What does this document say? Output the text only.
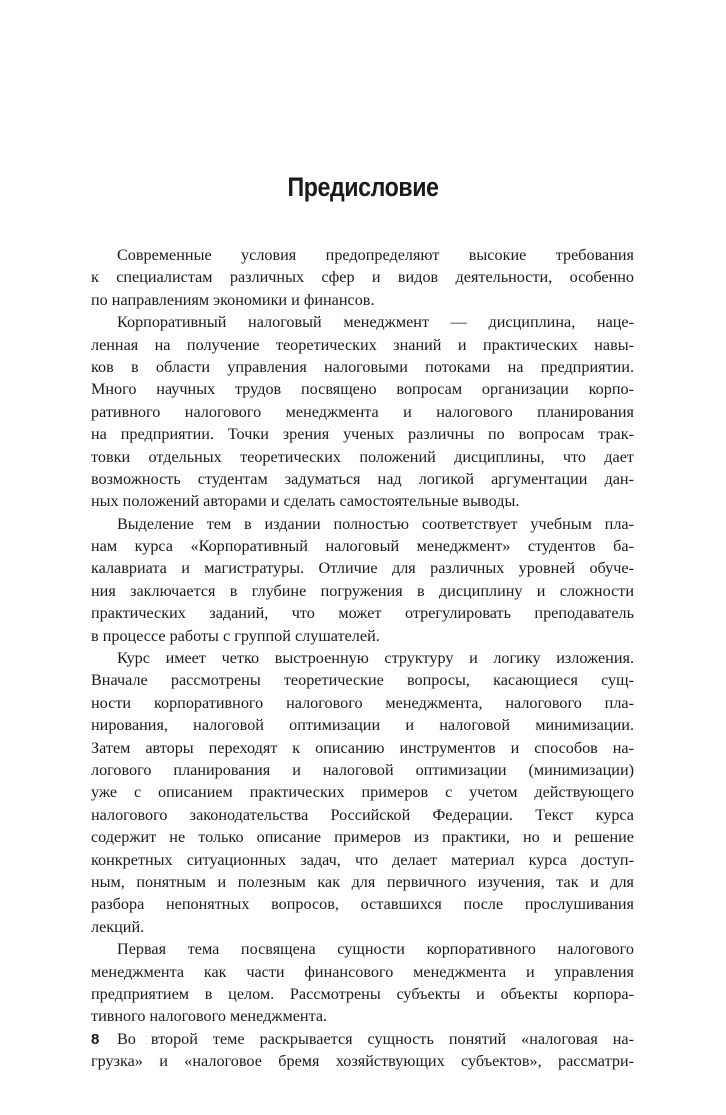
Предисловие
Современные условия предопределяют высокие требования
к специалистам различных сфер и видов деятельности, особенно
по направлениям экономики и финансов.
Корпоративный налоговый менеджмент — дисциплина, наце-
ленная на получение теоретических знаний и практических навы-
ков в области управления налоговыми потоками на предприятии.
Много научных трудов посвящено вопросам организации корпо-
ративного налогового менеджмента и налогового планирования
на предприятии. Точки зрения ученых различны по вопросам трак-
товки отдельных теоретических положений дисциплины, что дает
возможность студентам задуматься над логикой аргументации дан-
ных положений авторами и сделать самостоятельные выводы.
Выделение тем в издании полностью соответствует учебным пла-
нам курса «Корпоративный налоговый менеджмент» студентов ба-
калавриата и магистратуры. Отличие для различных уровней обуче-
ния заключается в глубине погружения в дисциплину и сложности
практических заданий, что может отрегулировать преподаватель
в процессе работы с группой слушателей.
Курс имеет четко выстроенную структуру и логику изложения.
Вначале рассмотрены теоретические вопросы, касающиеся сущ-
ности корпоративного налогового менеджмента, налогового пла-
нирования, налоговой оптимизации и налоговой минимизации.
Затем авторы переходят к описанию инструментов и способов на-
логового планирования и налоговой оптимизации (минимизации)
уже с описанием практических примеров с учетом действующего
налогового законодательства Российской Федерации. Текст курса
содержит не только описание примеров из практики, но и решение
конкретных ситуационных задач, что делает материал курса доступ-
ным, понятным и полезным как для первичного изучения, так и для
разбора непонятных вопросов, оставшихся после прослушивания
лекций.
Первая тема посвящена сущности корпоративного налогового
менеджмента как части финансового менеджмента и управления
предприятием в целом. Рассмотрены субъекты и объекты корпора-
тивного налогового менеджмента.
Во второй теме раскрывается сущность понятий «налоговая на-
грузка» и «налоговое бремя хозяйствующих субъектов», рассматри-
8
